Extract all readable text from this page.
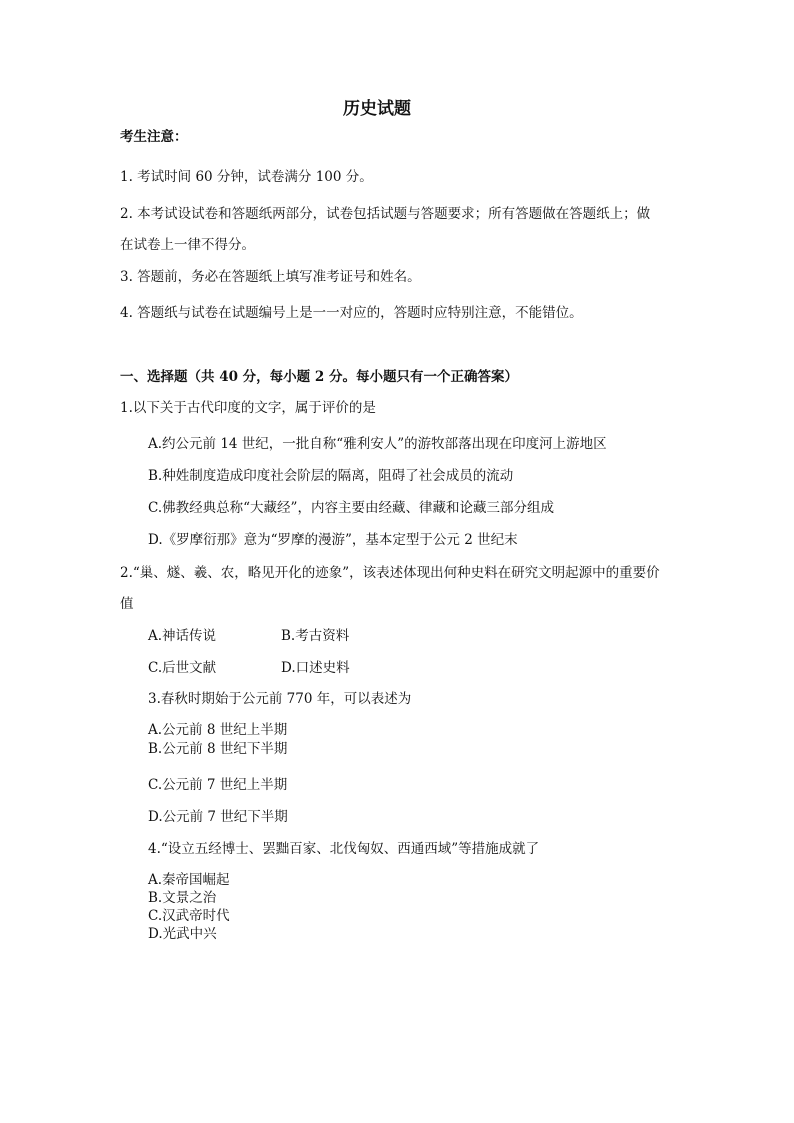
历史试题
考生注意：
1. 考试时间 60 分钟，试卷满分 100 分。
2. 本考试设试卷和答题纸两部分，试卷包括试题与答题要求；所有答题做在答题纸上；做
在试卷上一律不得分。
3. 答题前，务必在答题纸上填写准考证号和姓名。
4. 答题纸与试卷在试题编号上是一一对应的，答题时应特别注意，不能错位。
一、选择题（共 40 分，每小题 2 分。每小题只有一个正确答案）
1.以下关于古代印度的文字，属于评价的是
A.约公元前 14 世纪，一批自称“雅利安人”的游牧部落出现在印度河上游地区
B.种姓制度造成印度社会阶层的隔离，阻碍了社会成员的流动
C.佛教经典总称“大藏经”，内容主要由经藏、律藏和论藏三部分组成
D.《罗摩衍那》意为“罗摩的漫游”，基本定型于公元 2 世纪末
2.“巢、燧、羲、农，略见开化的迹象”，该表述体现出何种史料在研究文明起源中的重要价
值
A.神话传说	B.考古资料
C.后世文献	D.口述史料
3.春秋时期始于公元前 770 年，可以表述为
A.公元前 8 世纪上半期
B.公元前 8 世纪下半期
C.公元前 7 世纪上半期
D.公元前 7 世纪下半期
4.“设立五经博士、罢黜百家、北伐匈奴、西通西域”等措施成就了
A.秦帝国崛起
B.文景之治
C.汉武帝时代
D.光武中兴
